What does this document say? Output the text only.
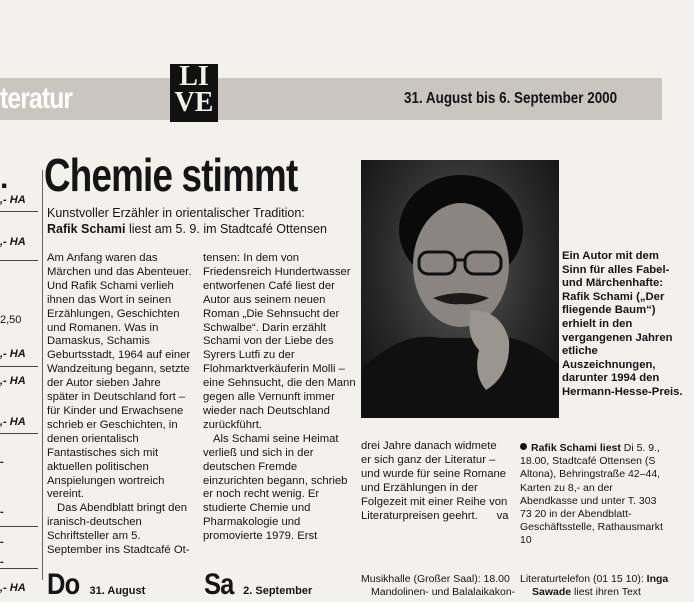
teratur
LI
VE	31. August bis 6. September 2000
.
,- HA
,- HA
2,50
,- HA
,- HA
,- HA
-
-
-
-
,- HA
Chemie stimmt
Kunstvoller Erzähler in orientalischer Tradition:
Rafik Schami liest am 5. 9. im Stadtcafé Ottensen

Am Anfang waren das Märchen und das Abenteuer. Und Rafik Schami verlieh ihnen das Wort in seinen Erzählungen, Geschichten und Romanen. Was in Damaskus, Schamis Geburtsstadt, 1964 auf einer Wandzeitung begann, setzte der Autor sieben Jahre später in Deutschland fort – für Kinder und Erwachsene schrieb er Geschichten, in denen orientalisch Fantastisches sich mit aktuellen politischen Anspielungen wortreich vereint.

Das Abendblatt bringt den iranisch-deutschen Schriftsteller am 5. September ins Stadtcafé Ot-

tensen: In dem von Friedensreich Hundertwasser entworfenen Café liest der Autor aus seinem neuen Roman „Die Sehnsucht der Schwalbe“. Darin erzählt Schami von der Liebe des Syrers Lutfi zu der Flohmarktverkäuferin Molli – eine Sehnsucht, die den Mann gegen alle Vernunft immer wieder nach Deutschland zurückführt.

Als Schami seine Heimat verließ und sich in der deutschen Fremde einzurichten begann, schrieb er noch recht wenig. Er studierte Chemie und Pharmakologie und promovierte 1979. Erst

drei Jahre danach widmete er sich ganz der Literatur – und wurde für seine Romane und Erzählungen in der Folgezeit mit einer Reihe von Literaturpreisen geehrt. va

Ein Autor mit dem Sinn für alles Fabel- und Märchenhafte: Rafik Schami („Der fliegende Baum“) erhielt in den vergangenen Jahren etliche Auszeichnungen, darunter 1994 den Hermann-Hesse-Preis.
Rafik Schami liest Di 5. 9., 18.00, Stadtcafé Ottensen (S Altona), Behringstraße 42–44, Karten zu 8,- an der Abendkasse und unter T. 303 73 20 in der Abendblatt-Geschäftsstelle, Rathausmarkt 10
Do 31. August Sa 2. September
Musikhalle (Großer Saal): 18.00
Mandolinen- und Balalaikakon-
Literaturtelefon (01 15 10): Inga
Sawade liest ihren Text
